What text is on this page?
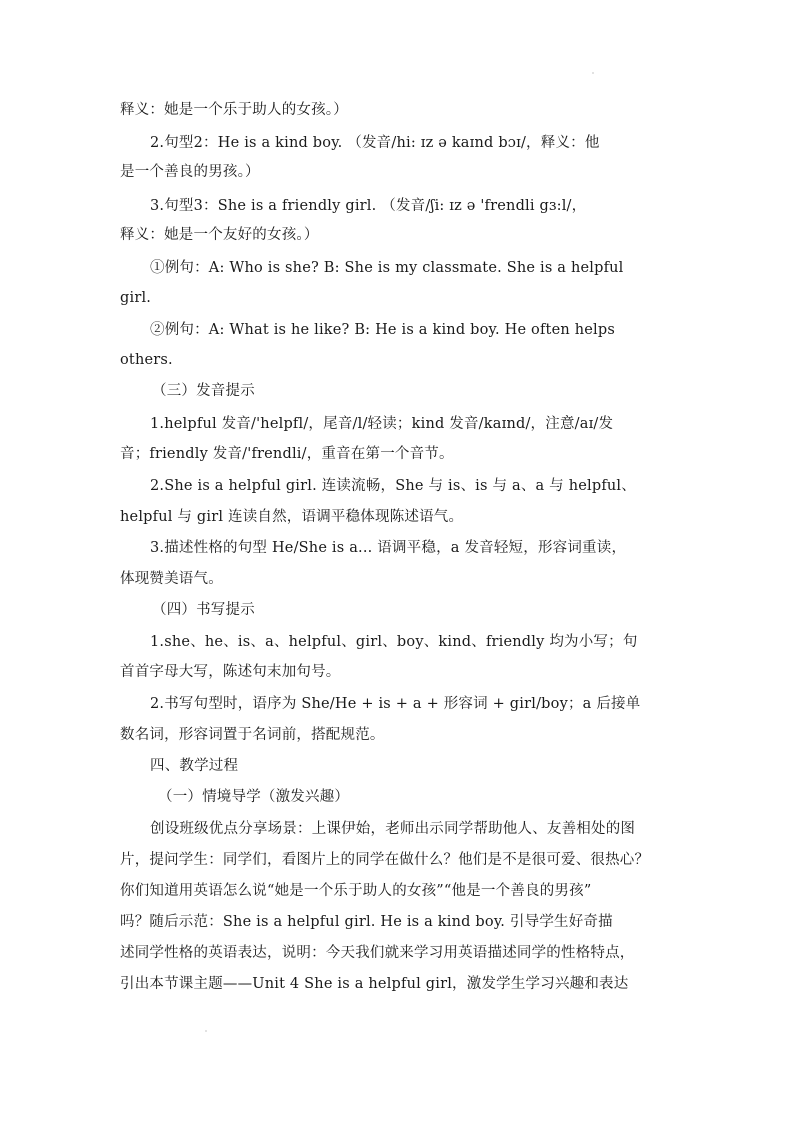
释义：她是一个乐于助人的女孩。）
2.句型2：He is a kind boy. （发音/hi: ɪz ə kaɪnd bɔɪ/，释义：他
是一个善良的男孩。）
3.句型3：She is a friendly girl. （发音/ʃi: ɪz ə 'frendli gɜ:l/，
释义：她是一个友好的女孩。）
①例句：A: Who is she? B: She is my classmate. She is a helpful
girl.
②例句：A: What is he like? B: He is a kind boy. He often helps
others.
（三）发音提示
1.helpful 发音/'helpfl/，尾音/l/轻读；kind 发音/kaɪnd/，注意/aɪ/发
音；friendly 发音/'frendli/，重音在第一个音节。
2.She is a helpful girl. 连读流畅，She 与 is、is 与 a、a 与 helpful、
helpful 与 girl 连读自然，语调平稳体现陈述语气。
3.描述性格的句型 He/She is a... 语调平稳，a 发音轻短，形容词重读，
体现赞美语气。
（四）书写提示
1.she、he、is、a、helpful、girl、boy、kind、friendly 均为小写；句
首首字母大写，陈述句末加句号。
2.书写句型时，语序为 She/He + is + a + 形容词 + girl/boy；a 后接单
数名词，形容词置于名词前，搭配规范。
四、教学过程
（一）情境导学（激发兴趣）
创设班级优点分享场景：上课伊始，老师出示同学帮助他人、友善相处的图
片，提问学生：同学们，看图片上的同学在做什么？他们是不是很可爱、很热心？
你们知道用英语怎么说“她是一个乐于助人的女孩”“他是一个善良的男孩”
吗？随后示范：She is a helpful girl. He is a kind boy. 引导学生好奇描
述同学性格的英语表达，说明：今天我们就来学习用英语描述同学的性格特点，
引出本节课主题——Unit 4 She is a helpful girl，激发学生学习兴趣和表达
